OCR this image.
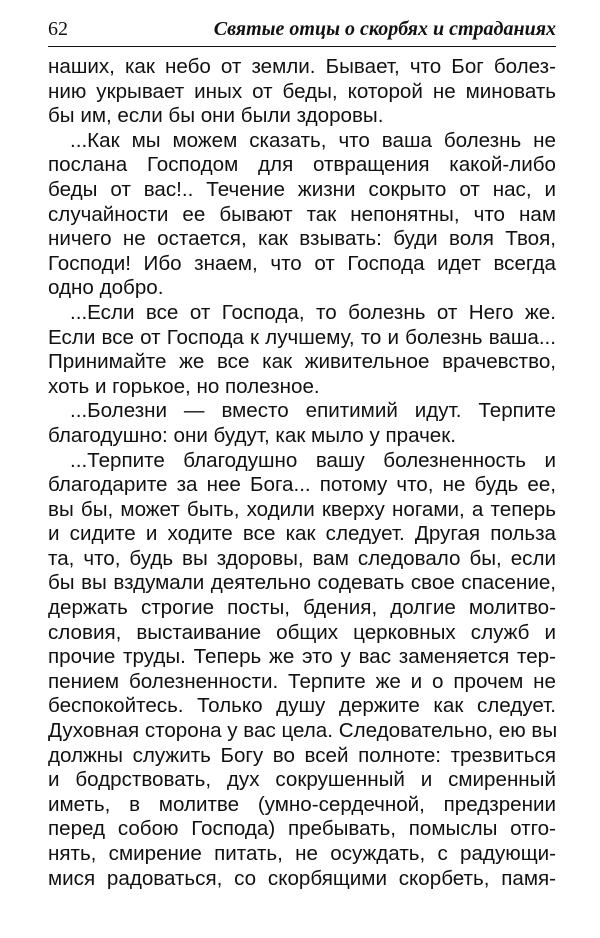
62	Святые отцы о скорбях и страданиях
наших, как небо от земли. Бывает, что Бог болез-
нию укрывает иных от беды, которой не миновать
бы им, если бы они были здоровы.
...Как мы можем сказать, что ваша болезнь не
послана Господом для отвращения какой-либо
беды от вас!.. Течение жизни сокрыто от нас, и
случайности ее бывают так непонятны, что нам
ничего не остается, как взывать: буди воля Твоя,
Господи! Ибо знаем, что от Господа идет всегда
одно добро.
...Если все от Господа, то болезнь от Него же.
Если все от Господа к лучшему, то и болезнь ваша...
Принимайте же все как живительное врачевство,
хоть и горькое, но полезное.
...Болезни — вместо епитимий идут. Терпите
благодушно: они будут, как мыло у прачек.
...Терпите благодушно вашу болезненность и
благодарите за нее Бога... потому что, не будь ее,
вы бы, может быть, ходили кверху ногами, а теперь
и сидите и ходите все как следует. Другая польза
та, что, будь вы здоровы, вам следовало бы, если
бы вы вздумали деятельно содевать свое спасение,
держать строгие посты, бдения, долгие молитво-
словия, выстаивание общих церковных служб и
прочие труды. Теперь же это у вас заменяется тер-
пением болезненности. Терпите же и о прочем не
беспокойтесь. Только душу держите как следует.
Духовная сторона у вас цела. Следовательно, ею вы
должны служить Богу во всей полноте: трезвиться
и бодрствовать, дух сокрушенный и смиренный
иметь, в молитве (умно-сердечной, предзрении
перед собою Господа) пребывать, помыслы отго-
нять, смирение питать, не осуждать, с радующи-
мися радоваться, со скорбящими скорбеть, памя-
